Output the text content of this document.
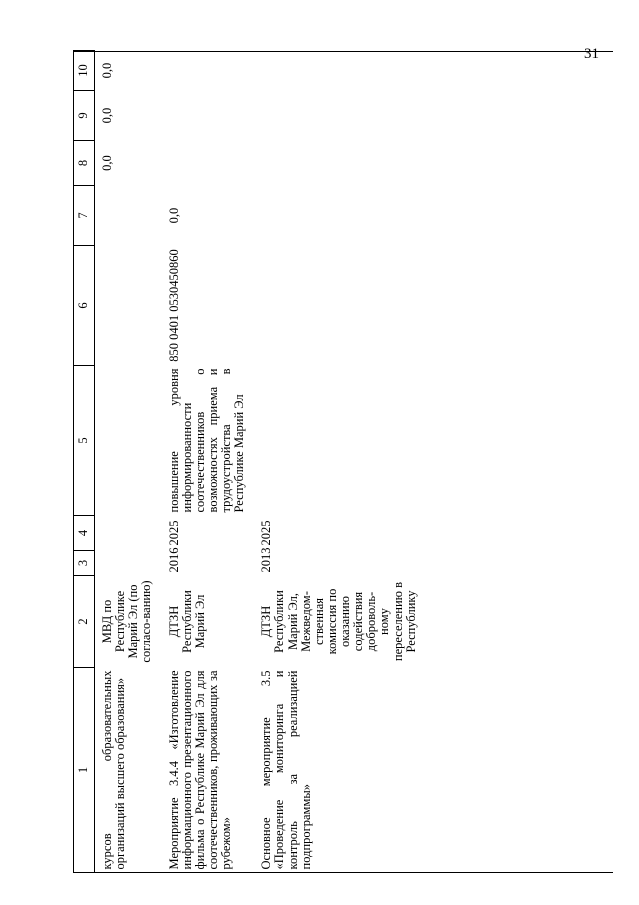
31
1	2	3	4	5	6	7	8	9	10
курсов образовательных организаций высшего образования»	МВД по Республике Марий Эл (по согласо-ванию)						0,0	0,0	0,0
Мероприятие 3.4.4 «Изготовление информационного презентационного фильма о Республике Марий Эл для соотечественников, проживающих за рубежом»	ДТЗН Республики Марий Эл	2016	2025	повышение уровня информированности соотечественников о возможностях приема и трудоустройства в Республике Марий Эл	850 0401 0530450860	0,0			
Основное мероприятие 3.5 «Проведение мониторинга и контроль за реализацией подпрограммы»	ДТЗН Республики Марий Эл, Межведом-ственная комиссия по оказанию содействия доброволь-ному переселению в Республику	2013	2025						
